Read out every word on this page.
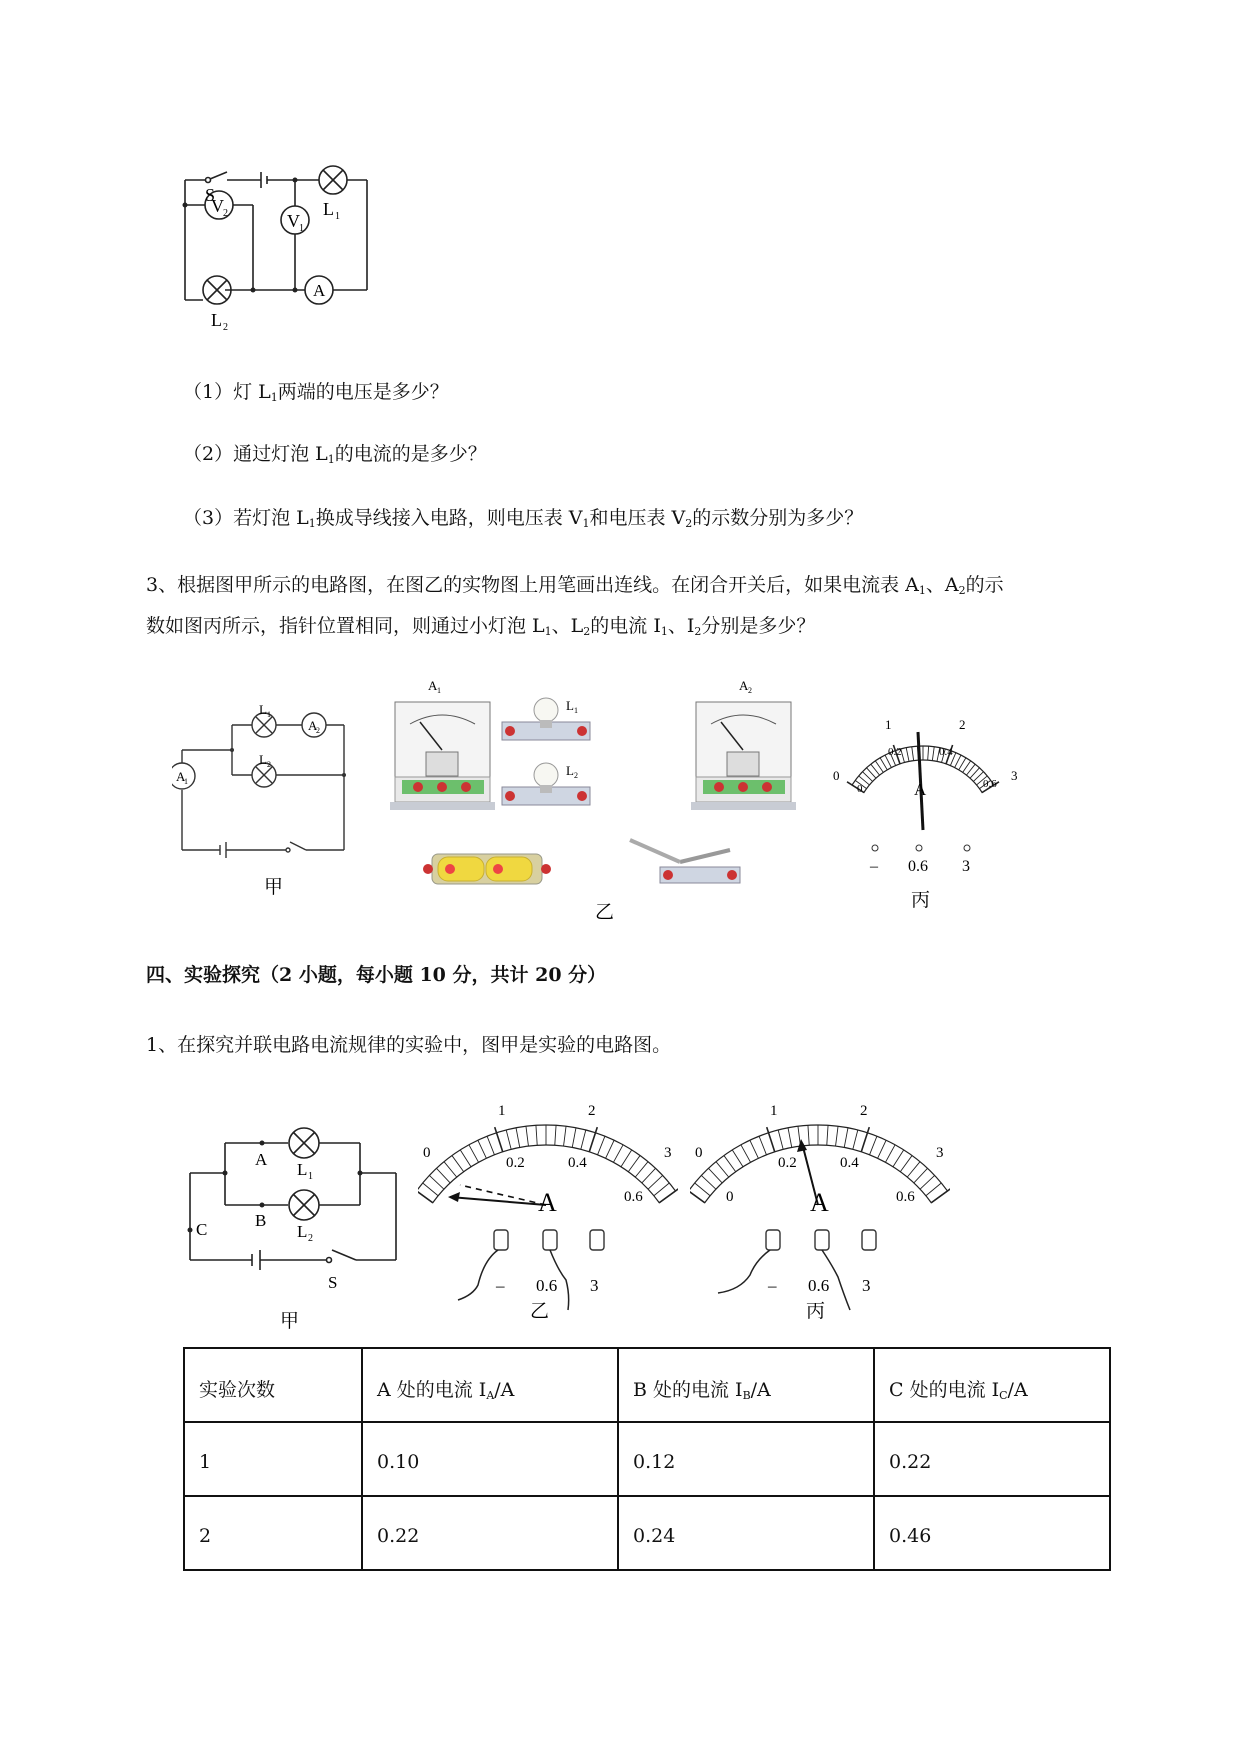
S
V 2	V 1
A
L 1
L 2
（1）灯 $L_1$两端的电压是多少？
（2）通过灯泡 $L_1$的电流的是多少？
（3）若灯泡 $L_1$换成导线接入电路，则电压表 $V_1$和电压表 $V_2$的示数分别为多少？
3、根据图甲所示的电路图，在图乙的实物图上用笔画出连线。在闭合开关后，如果电流表 $A_1$、$A_2$的示
数如图丙所示，指针位置相同，则通过小灯泡 $L_1$、$L_2$的电流 $I_1$、$I_2$分别是多少？
L 1
L 2
A
2
A
1
甲
A 1
L 1
L 2
A 2
乙
0
1	2
3
0
0.2	0.4
0.6
A
– 0.6 3
丙
四、实验探究（2 小题，每小题 10 分，共计 20 分）
1、在探究并联电路电流规律的实验中，图甲是实验的电路图。
A
B
C
L 1
L 2
S
甲
0
1	2
3
0.2	0.4
0.6
A
– 0.6 3
乙
0
1	2
3
0
0.2	0.4
0.6
A
– 0.6 3
丙
实验次数	A 处的电流 $I_A/A$	B 处的电流 $I_B/A$	C 处的电流 $I_C/A$
1	0.10	0.12	0.22
2	0.22	0.24	0.46
